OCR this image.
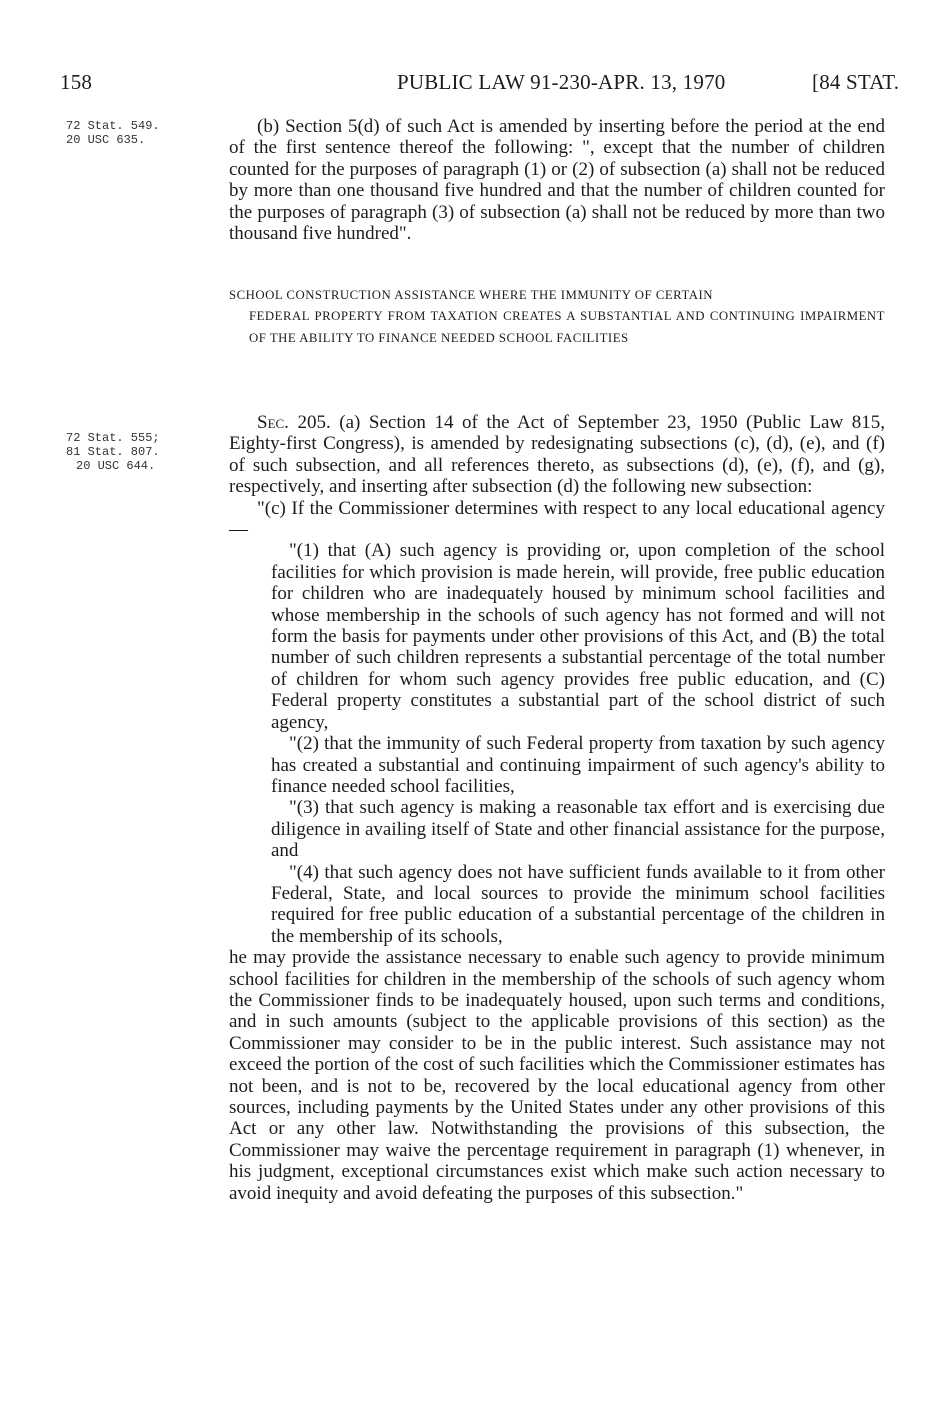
158	PUBLIC LAW 91-230-APR. 13, 1970	[84 STAT.
72 Stat. 549.
20 USC 635.
72 Stat. 555;
81 Stat. 807.
20 USC 644.

(b) Section 5(d) of such Act is amended by inserting before the period at the end of the first sentence thereof the following: ", except that the number of children counted for the purposes of paragraph (1) or (2) of subsection (a) shall not be reduced by more than one thousand five hundred and that the number of children counted for the purposes of paragraph (3) of subsection (a) shall not be reduced by more than two thousand five hundred".

SCHOOL CONSTRUCTION ASSISTANCE WHERE THE IMMUNITY OF CERTAIN
FEDERAL PROPERTY FROM TAXATION CREATES A SUBSTANTIAL AND CONTINUING IMPAIRMENT OF THE ABILITY TO FINANCE NEEDED SCHOOL FACILITIES

Sec. 205. (a) Section 14 of the Act of September 23, 1950 (Public Law 815, Eighty-first Congress), is amended by redesignating subsections (c), (d), (e), and (f) of such subsection, and all references thereto, as subsections (d), (e), (f), and (g), respectively, and inserting after subsection (d) the following new subsection:

"(c) If the Commissioner determines with respect to any local educational agency—

"(1) that (A) such agency is providing or, upon completion of the school facilities for which provision is made herein, will provide, free public education for children who are inadequately housed by minimum school facilities and whose membership in the schools of such agency has not formed and will not form the basis for payments under other provisions of this Act, and (B) the total number of such children represents a substantial percentage of the total number of children for whom such agency provides free public education, and (C) Federal property constitutes a substantial part of the school district of such agency,

"(2) that the immunity of such Federal property from taxation by such agency has created a substantial and continuing impairment of such agency's ability to finance needed school facilities,

"(3) that such agency is making a reasonable tax effort and is exercising due diligence in availing itself of State and other financial assistance for the purpose, and

"(4) that such agency does not have sufficient funds available to it from other Federal, State, and local sources to provide the minimum school facilities required for free public education of a substantial percentage of the children in the membership of its schools,

he may provide the assistance necessary to enable such agency to provide minimum school facilities for children in the membership of the schools of such agency whom the Commissioner finds to be inadequately housed, upon such terms and conditions, and in such amounts (subject to the applicable provisions of this section) as the Commissioner may consider to be in the public interest. Such assistance may not exceed the portion of the cost of such facilities which the Commissioner estimates has not been, and is not to be, recovered by the local educational agency from other sources, including payments by the United States under any other provisions of this Act or any other law. Notwithstanding the provisions of this subsection, the Commissioner may waive the percentage requirement in paragraph (1) whenever, in his judgment, exceptional circumstances exist which make such action necessary to avoid inequity and avoid defeating the purposes of this subsection."
